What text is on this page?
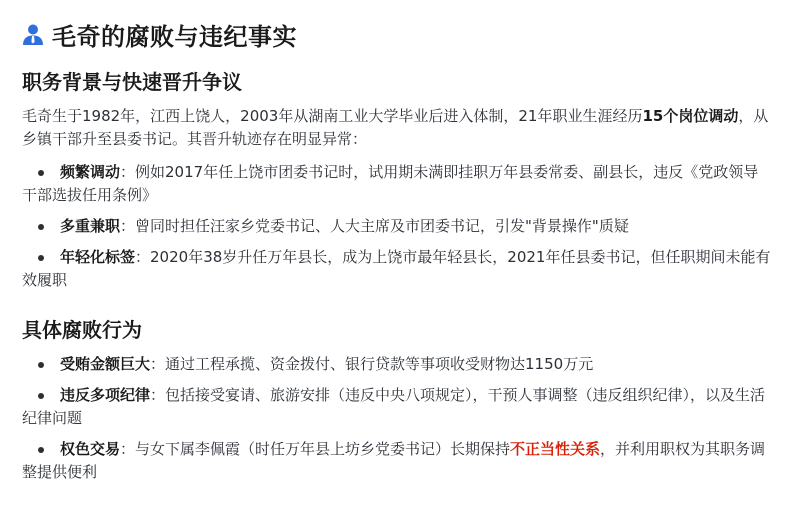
毛奇的腐败与违纪事实
职务背景与快速晋升争议

毛奇生于1982年，江西上饶人，2003年从湖南工业大学毕业后进入体制，21年职业生涯经历15个岗位调动，从乡镇干部升至县委书记。其晋升轨迹存在明显异常：

频繁调动：例如2017年任上饶市团委书记时，试用期未满即挂职万年县委常委、副县长，违反《党政领导干部选拔任用条例》
多重兼职：曾同时担任汪家乡党委书记、人大主席及市团委书记，引发"背景操作"质疑
年轻化标签：2020年38岁升任万年县长，成为上饶市最年轻县长，2021年任县委书记，但任职期间未能有效履职
具体腐败行为
受贿金额巨大：通过工程承揽、资金拨付、银行贷款等事项收受财物达1150万元
违反多项纪律：包括接受宴请、旅游安排（违反中央八项规定），干预人事调整（违反组织纪律），以及生活纪律问题
权色交易：与女下属李佩霞（时任万年县上坊乡党委书记）长期保持不正当性关系，并利用职权为其职务调整提供便利
